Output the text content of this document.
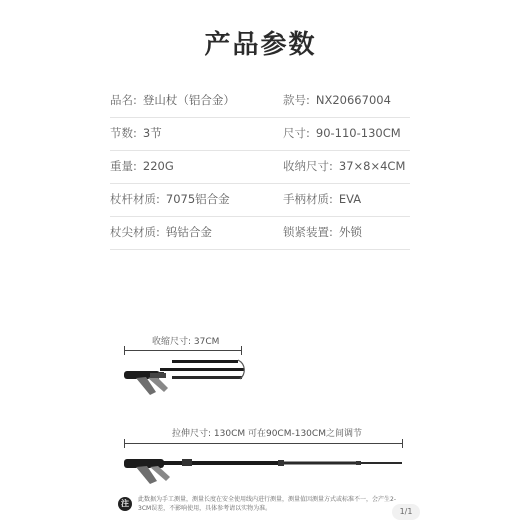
产品参数
品名: 登山杖（铝合金）	款号: NX20667004
节数: 3节	尺寸: 90-110-130CM
重量: 220G	收纳尺寸: 37×8×4CM
杖杆材质: 7075铝合金	手柄材质: EVA
杖尖材质: 钨钴合金	锁紧装置: 外锁
收缩尺寸: 37CM
拉伸尺寸: 130CM 可在90CM-130CM之间调节
注	此数据为手工测量，测量长度在安全使用线内进行测量，测量值因测量方式或标准不一，会产生2-3CM误差，不影响使用，具体参考请以实物为准。	1/1
